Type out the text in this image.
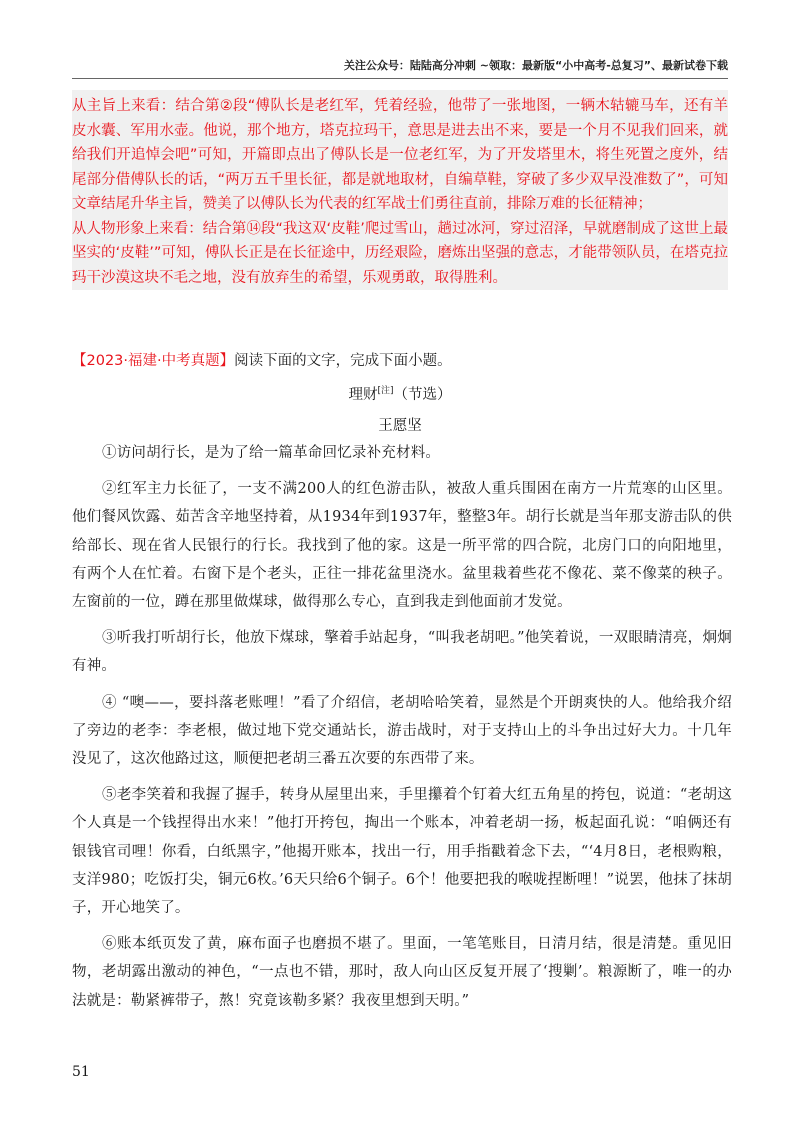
关注公众号：陆陆高分冲刺 ~领取：最新版“小中高考-总复习”、最新试卷下载

从主旨上来看：结合第②段“傅队长是老红军，凭着经验，他带了一张地图，一辆木轱辘马车，还有羊皮水囊、军用水壶。他说，那个地方，塔克拉玛干，意思是进去出不来，要是一个月不见我们回来，就给我们开追悼会吧”可知，开篇即点出了傅队长是一位老红军，为了开发塔里木，将生死置之度外，结尾部分借傅队长的话，“两万五千里长征，都是就地取材，自编草鞋，穿破了多少双早没准数了”，可知文章结尾升华主旨，赞美了以傅队长为代表的红军战士们勇往直前，排除万难的长征精神；

从人物形象上来看：结合第⑭段“我这双‘皮鞋’爬过雪山，趟过冰河，穿过沼泽，早就磨制成了这世上最坚实的‘皮鞋’”可知，傅队长正是在长征途中，历经艰险，磨炼出坚强的意志，才能带领队员，在塔克拉玛干沙漠这块不毛之地，没有放弃生的希望，乐观勇敢，取得胜利。

【2023·福建·中考真题】阅读下面的文字，完成下面小题。
理财[注]（节选）
王愿坚

①访问胡行长，是为了给一篇革命回忆录补充材料。

②红军主力长征了，一支不满200人的红色游击队，被敌人重兵围困在南方一片荒寒的山区里。他们餐风饮露、茹苦含辛地坚持着，从1934年到1937年，整整3年。胡行长就是当年那支游击队的供给部长、现在省人民银行的行长。我找到了他的家。这是一所平常的四合院，北房门口的向阳地里，有两个人在忙着。右窗下是个老头，正往一排花盆里浇水。盆里栽着些花不像花、菜不像菜的秧子。左窗前的一位，蹲在那里做煤球，做得那么专心，直到我走到他面前才发觉。

③听我打听胡行长，他放下煤球，擎着手站起身，“叫我老胡吧。”他笑着说，一双眼睛清亮，炯炯有神。

④ “噢——，要抖落老账哩！”看了介绍信，老胡哈哈笑着，显然是个开朗爽快的人。他给我介绍了旁边的老李：李老根，做过地下党交通站长，游击战时，对于支持山上的斗争出过好大力。十几年没见了，这次他路过这，顺便把老胡三番五次要的东西带了来。

⑤老李笑着和我握了握手，转身从屋里出来，手里攥着个钉着大红五角星的挎包，说道：“老胡这个人真是一个钱捏得出水来！”他打开挎包，掏出一个账本，冲着老胡一扬，板起面孔说：“咱俩还有银钱官司哩！你看，白纸黑字，”他揭开账本，找出一行，用手指戳着念下去，“‘4月8日，老根购粮，支洋980；吃饭打尖，铜元6枚。’6天只给6个铜子。6个！他要把我的喉咙捏断哩！”说罢，他抹了抹胡子，开心地笑了。

⑥账本纸页发了黄，麻布面子也磨损不堪了。里面，一笔笔账目，日清月结，很是清楚。重见旧物，老胡露出激动的神色，“一点也不错，那时，敌人向山区反复开展了‘搜剿’。粮源断了，唯一的办法就是：勒紧裤带子，熬！究竟该勒多紧？我夜里想到天明。”

51
